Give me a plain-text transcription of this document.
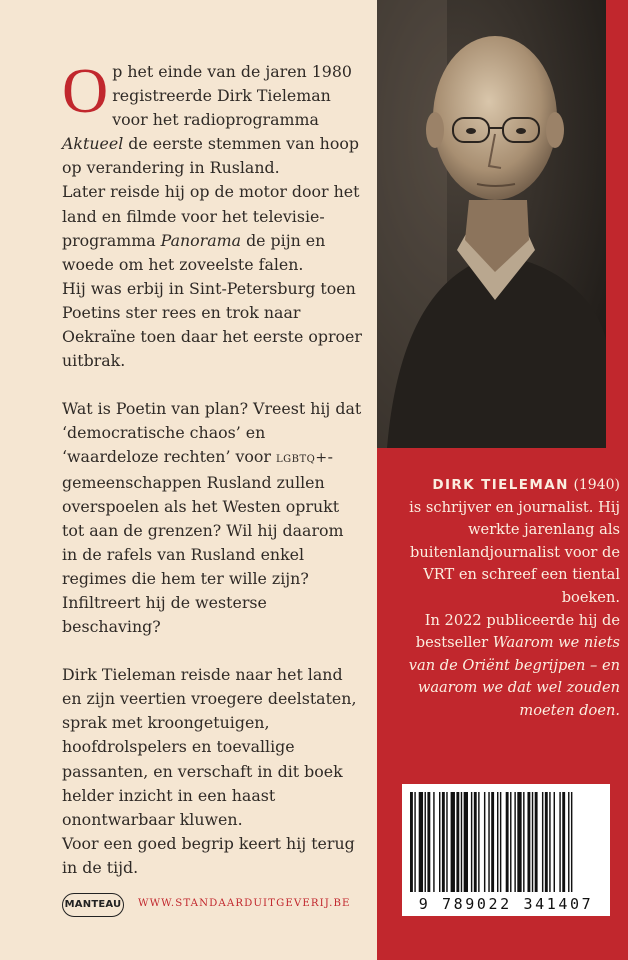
Op het einde van de jaren 1980 registreerde Dirk Tieleman voor het radioprogramma Aktueel de eerste stemmen van hoop op verandering in Rusland.

Later reisde hij op de motor door het land en filmde voor het televisieprogramma Panorama de pijn en woede om het zoveelste falen.

Hij was erbij in Sint-Petersburg toen Poetins ster rees en trok naar Oekraïne toen daar het eerste oproer uitbrak.

Wat is Poetin van plan? Vreest hij dat ‘democratische chaos’ en ‘waardeloze rechten’ voor lgbtq+-gemeenschappen Rusland zullen overspoelen als het Westen oprukt tot aan de grenzen? Wil hij daarom in de rafels van Rusland enkel regimes die hem ter wille zijn? Infiltreert hij de westerse beschaving?

Dirk Tieleman reisde naar het land en zijn veertien vroegere deelstaten, sprak met kroongetuigen, hoofdrolspelers en toevallige passanten, en verschaft in dit boek helder inzicht in een haast onontwarbaar kluwen.

Voor een goed begrip keert hij terug in de tijd.

DIRK TIELEMAN (1940)

is schrijver en journalist. Hij werkte jarenlang als buitenlandjournalist voor de VRT en schreef een tiental boeken.

In 2022 publiceerde hij de bestseller Waarom we niets van de Oriënt begrijpen – en waarom we dat wel zouden moeten doen.

9 789022 341407
MANTEAU WWW.STANDAARDUITGEVERIJ.BE
